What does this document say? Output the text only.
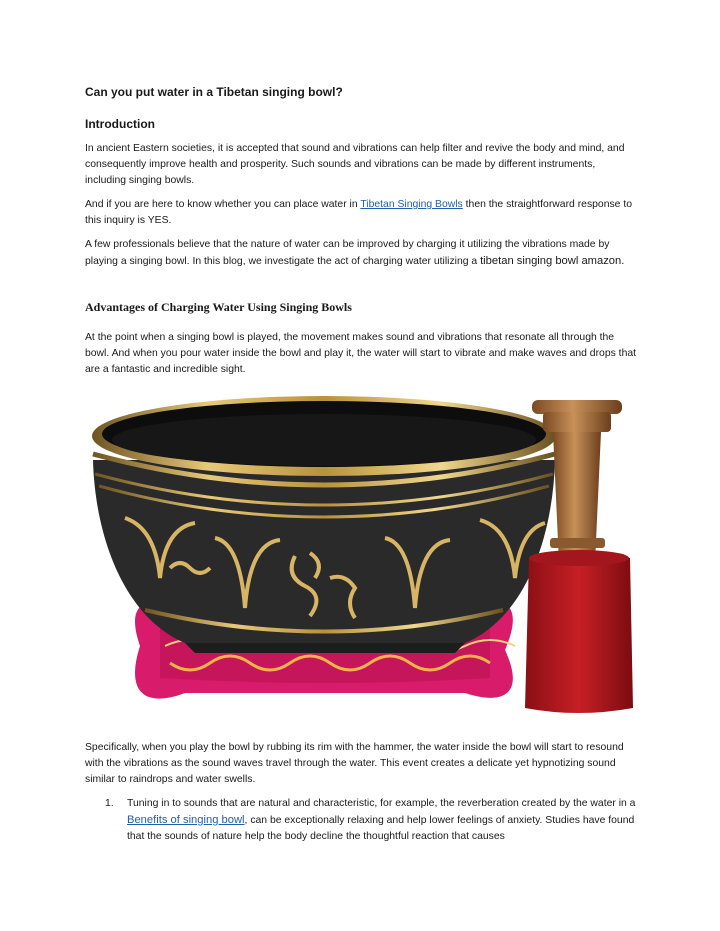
Can you put water in a Tibetan singing bowl?
Introduction
In ancient Eastern societies, it is accepted that sound and vibrations can help filter and revive the body and mind, and consequently improve health and prosperity. Such sounds and vibrations can be made by different instruments, including singing bowls.
And if you are here to know whether you can place water in Tibetan Singing Bowls then the straightforward response to this inquiry is YES.
A few professionals believe that the nature of water can be improved by charging it utilizing the vibrations made by playing a singing bowl. In this blog, we investigate the act of charging water utilizing a tibetan singing bowl amazon.
Advantages of Charging Water Using Singing Bowls
At the point when a singing bowl is played, the movement makes sound and vibrations that resonate all through the bowl. And when you pour water inside the bowl and play it, the water will start to vibrate and make waves and drops that are a fantastic and incredible sight.
Specifically, when you play the bowl by rubbing its rim with the hammer, the water inside the bowl will start to resound with the vibrations as the sound waves travel through the water. This event creates a delicate yet hypnotizing sound similar to raindrops and water swells.
1. Tuning in to sounds that are natural and characteristic, for example, the reverberation created by the water in a Benefits of singing bowl, can be exceptionally relaxing and help lower feelings of anxiety. Studies have found that the sounds of nature help the body decline the thoughtful reaction that causes
